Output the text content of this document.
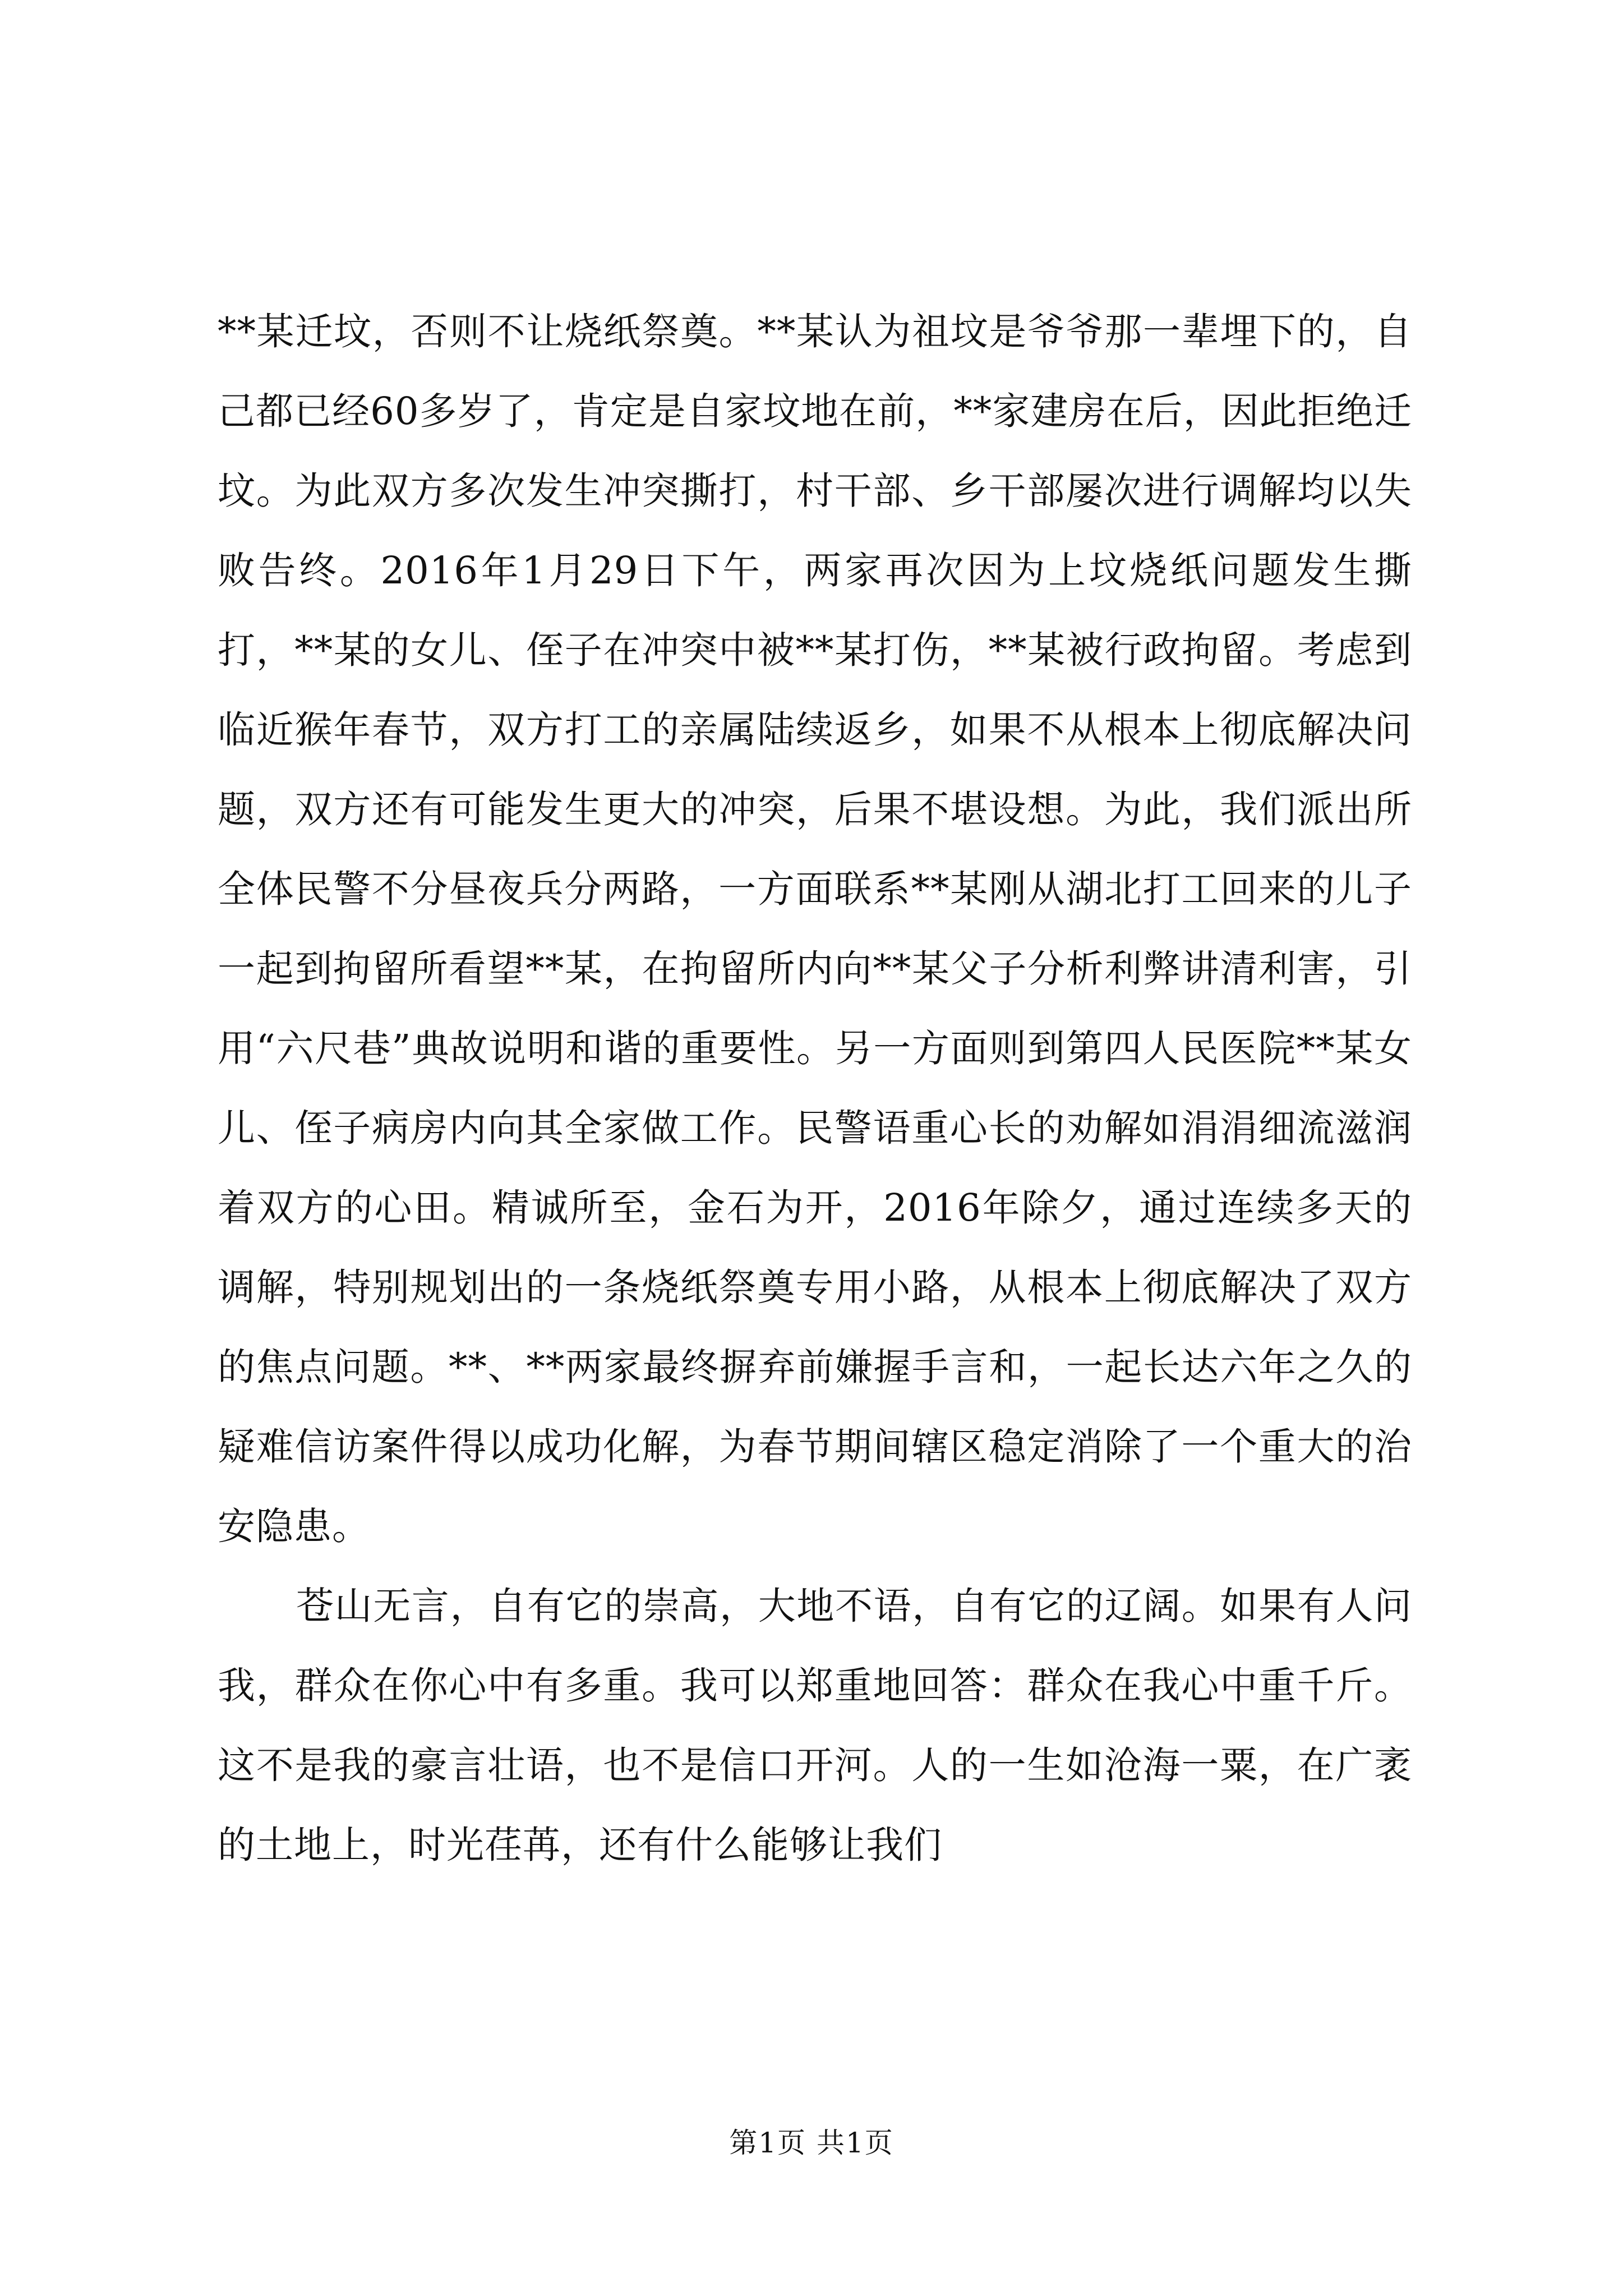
**某迁坟，否则不让烧纸祭奠。**某认为祖坟是爷爷那一辈埋下的，自己都已经60多岁了，肯定是自家坟地在前，**家建房在后，因此拒绝迁坟。为此双方多次发生冲突撕打，村干部、乡干部屡次进行调解均以失败告终。2016年1月29日下午，两家再次因为上坟烧纸问题发生撕打，**某的女儿、侄子在冲突中被**某打伤，**某被行政拘留。考虑到临近猴年春节，双方打工的亲属陆续返乡，如果不从根本上彻底解决问题，双方还有可能发生更大的冲突，后果不堪设想。为此，我们派出所全体民警不分昼夜兵分两路，一方面联系**某刚从湖北打工回来的儿子一起到拘留所看望**某，在拘留所内向**某父子分析利弊讲清利害，引用“六尺巷”典故说明和谐的重要性。另一方面则到第四人民医院**某女儿、侄子病房内向其全家做工作。民警语重心长的劝解如涓涓细流滋润着双方的心田。精诚所至，金石为开，2016年除夕，通过连续多天的调解，特别规划出的一条烧纸祭奠专用小路，从根本上彻底解决了双方的焦点问题。**、**两家最终摒弃前嫌握手言和，一起长达六年之久的疑难信访案件得以成功化解，为春节期间辖区稳定消除了一个重大的治安隐患。

苍山无言，自有它的崇高，大地不语，自有它的辽阔。如果有人问我，群众在你心中有多重。我可以郑重地回答：群众在我心中重千斤。这不是我的豪言壮语，也不是信口开河。人的一生如沧海一粟，在广袤的土地上，时光荏苒，还有什么能够让我们

第1页 共1页
